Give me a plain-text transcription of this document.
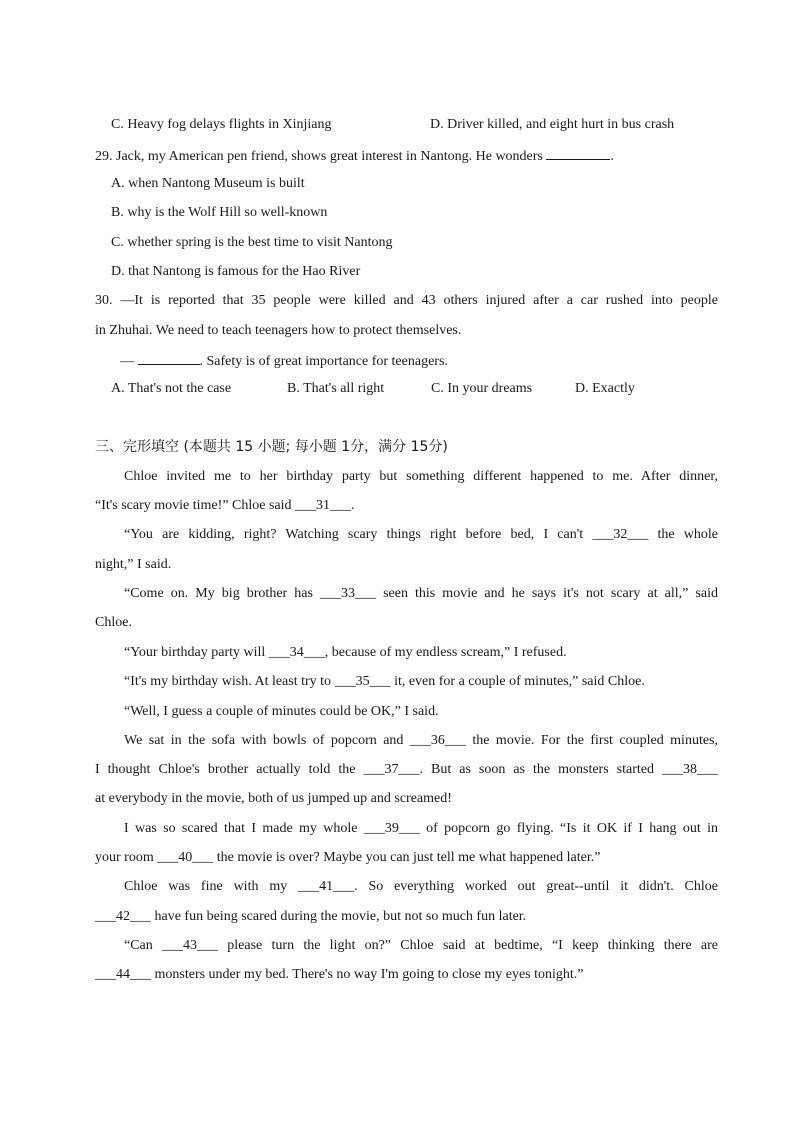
C. Heavy fog delays flights in Xinjiang	D. Driver killed, and eight hurt in bus crash
29. Jack, my American pen friend, shows great interest in Nantong. He wonders	.
A. when Nantong Museum is built
B. why is the Wolf Hill so well-known
C. whether spring is the best time to visit Nantong
D. that Nantong is famous for the Hao River
30. —It is reported that 35 people were killed and 43 others injured after a car rushed into people
in Zhuhai. We need to teach teenagers how to protect themselves.
—	. Safety is of great importance for teenagers.
A. That's not the case	B. That's all right	C. In your dreams	D. Exactly
三、完形填空 (本题共 15 小题; 每小题 1分，满分 15分)
Chloe invited me to her birthday party but something different happened to me. After dinner,
“It's scary movie time!” Chloe said ___31___.
“You are kidding, right? Watching scary things right before bed, I can't ___32___ the whole
night,” I said.
“Come on. My big brother has ___33___ seen this movie and he says it's not scary at all,” said
Chloe.
“Your birthday party will ___34___, because of my endless scream,” I refused.
“It's my birthday wish. At least try to ___35___ it, even for a couple of minutes,” said Chloe.
“Well, I guess a couple of minutes could be OK,” I said.
We sat in the sofa with bowls of popcorn and ___36___ the movie. For the first coupled minutes,
I thought Chloe's brother actually told the ___37___. But as soon as the monsters started ___38___
at everybody in the movie, both of us jumped up and screamed!
I was so scared that I made my whole ___39___ of popcorn go flying. “Is it OK if I hang out in
your room ___40___ the movie is over? Maybe you can just tell me what happened later.”
Chloe was fine with my ___41___. So everything worked out great--until it didn't. Chloe
___42___ have fun being scared during the movie, but not so much fun later.
“Can ___43___ please turn the light on?” Chloe said at bedtime, “I keep thinking there are
___44___ monsters under my bed. There's no way I'm going to close my eyes tonight.”
